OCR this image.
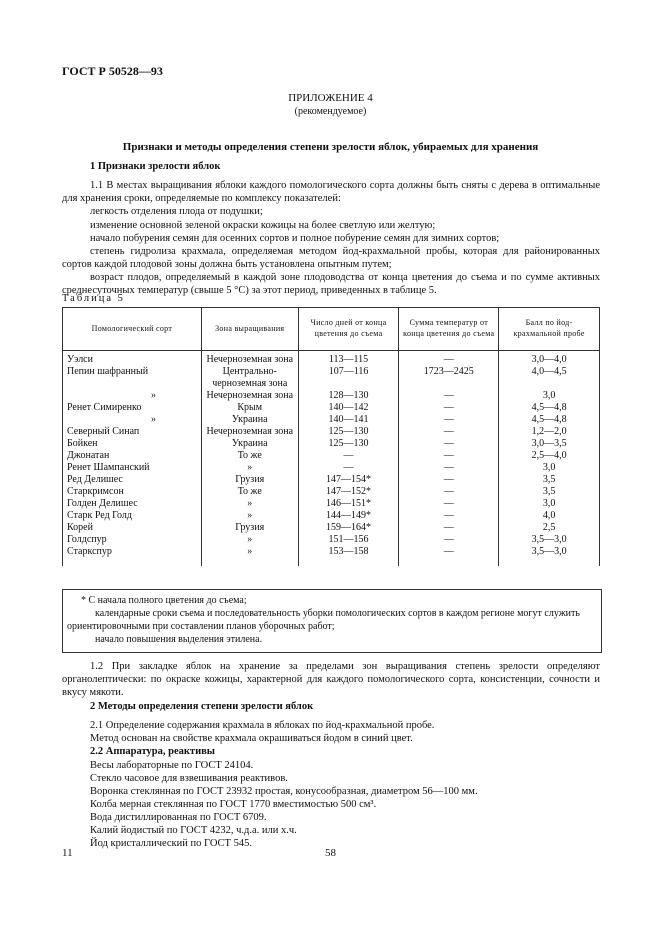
ГОСТ Р 50528—93
ПРИЛОЖЕНИЕ 4
(рекомендуемое)
Признаки и методы определения степени зрелости яблок, убираемых для хранения

1 Признаки зрелости яблок

1.1 В местах выращивания яблоки каждого помологического сорта должны быть сняты с дерева в оптимальные для хранения сроки, определяемые по комплексу показателей:

легкость отделения плода от подушки;

изменение основной зеленой окраски кожицы на более светлую или желтую;

начало побурения семян для осенних сортов и полное побурение семян для зимних сортов;

степень гидролиза крахмала, определяемая методом йод-крахмальной пробы, которая для районированных сортов каждой плодовой зоны должна быть установлена опытным путем;

возраст плодов, определяемый в каждой зоне плодоводства от конца цветения до съема и по сумме активных среднесуточных температур (свыше 5 °С) за этот период, приведенных в таблице 5.

Таблица 5
Помологический сорт	Зона выращивания	Число дней от конца цветения до съема	Сумма температур от конца цветения до съема	Балл по йод-крахмальной пробе
Уэлси	Нечерноземная зона	113—115	—	3,0—4,0
Пепин шафранный	Центрально-черноземная зона	107—116	1723—2425	4,0—4,5
»	Нечерноземная зона	128—130	—	3,0
Ренет Симиренко	Крым	140—142	—	4,5—4,8
»	Украина	140—141	—	4,5—4,8
Северный Синап	Нечерноземная зона	125—130	—	1,2—2,0
Бойкен	Украина	125—130	—	3,0—3,5
Джонатан	То же	—	—	2,5—4,0
Ренет Шампанский	»	—	—	3,0
Ред Делишес	Грузия	147—154*	—	3,5
Старкримсон	То же	147—152*	—	3,5
Голден Делишес	»	146—151*	—	3,0
Старк Ред Голд	»	144—149*	—	4,0
Корей	Грузия	159—164*	—	2,5
Голдспур	»	151—156	—	3,5—3,0
Старкспур	»	153—158	—	3,5—3,0

* С начала полного цветения до съема;

календарные сроки съема и последовательность уборки помологических сортов в каждом регионе могут служить ориентировочными при составлении планов уборочных работ;

начало повышения выделения этилена.

1.2 При закладке яблок на хранение за пределами зон выращивания степень зрелости определяют органолептически: по окраске кожицы, характерной для каждого помологического сорта, консистенции, сочности и вкусу мякоти.

2 Методы определения степени зрелости яблок

2.1 Определение содержания крахмала в яблоках по йод-крахмальной пробе.

Метод основан на свойстве крахмала окрашиваться йодом в синий цвет.

2.2 Аппаратура, реактивы

Весы лабораторные по ГОСТ 24104.

Стекло часовое для взвешивания реактивов.

Воронка стеклянная по ГОСТ 23932 простая, конусообразная, диаметром 56—100 мм.

Колба мерная стеклянная по ГОСТ 1770 вместимостью 500 см³.

Вода дистиллированная по ГОСТ 6709.

Калий йодистый по ГОСТ 4232, ч.д.а. или х.ч.

Йод кристаллический по ГОСТ 545.

11	58
